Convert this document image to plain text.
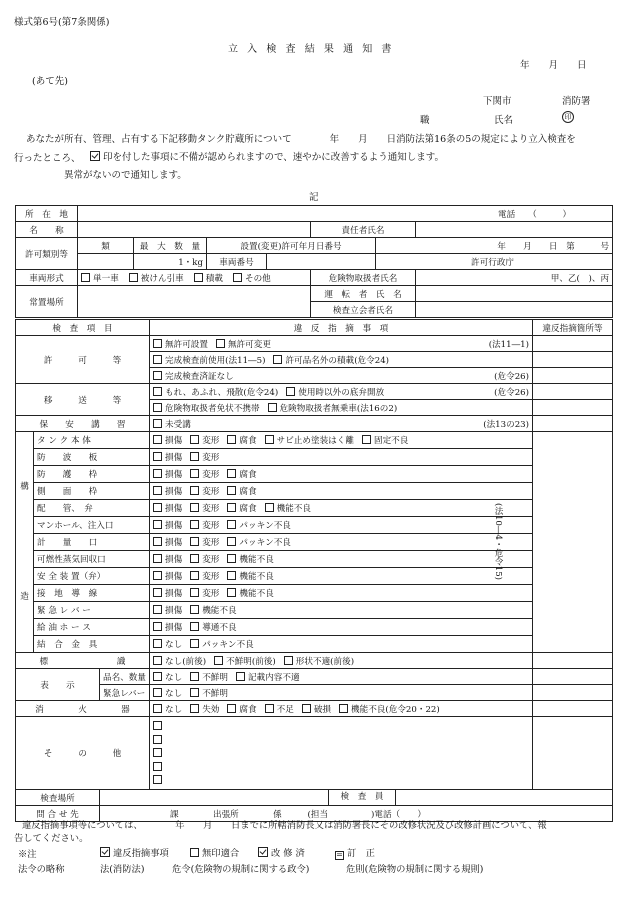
様式第6号(第7条関係)
立 入 検 査 結 果 通 知 書
年　　月　　日
(あて先)
下関市	消防署
職	氏名	印
あなたが所有、管理、占有する下記移動タンク貯蔵所について　　　　年　　月　　日消防法第16条の5の規定により立入検査を
行ったところ、	印を付した事項に不備が認められますので、速やかに改善するよう通知します。
異常がないので通知します。
記
所　在　地	電話　　（　　　）						
名　　称					責任者氏名		
許可類別等	類	最　大　数　量	設置(変更)許可年月日番号			年　　月　　日　第　　　号	
		1・kg	車両番号			許可行政庁	
車両形式	単一車 被けん引車 積載 その他				危険物取扱者氏名		甲、乙(　)、丙
常置場所					運　転　者　氏　名		
					検査立会者氏名		
検　査　項　目			違　反　指　摘　事　項	違反指摘箇所等
許　　　可　　　等			無許可設置 無許可変更 (法11―1)	

			完成検査前使用(法11―5) 許可品名外の積載(危令24)	
			完成検査済証なし (危令26)	

移　　　送　　　等			もれ、あふれ、飛散(危令24) 使用時以外の底弁開放 (危令26)	

			危険物取扱者免状不携帯 危険物取扱者無乗車(法16の2)	
保　　安　　講　　習			未受講 (法13の23)	

構
造	タ ン ク 本 体		損傷 変形 腐食 サビ止め塗装はく離 固定不良	(法10―4・危令15)

	防　　波　　板		損傷 変形	
	防　　護　　枠		損傷 変形 腐食	
	側　　面　　枠		損傷 変形 腐食	
	配　　管、　弁		損傷 変形 腐食 機能不良	
	マンホール、注入口		損傷 変形 パッキン不良	
	計　　量　　口		損傷 変形 パッキン不良	
	可燃性蒸気回収口		損傷 変形 機能不良	
	安 全 装 置（弁）		損傷 変形 機能不良	
	接　地　導　線		損傷 変形 機能不良	
	緊 急 レ バ ー		損傷 機能不良	
	給 油 ホ ー ス		損傷 導通不良	
	結　合　金　具		なし パッキン不良	
標　　　　　　　　識			なし(前後) 不鮮明(前後) 形状不適(前後)	
表　　示		品名、数量	なし 不鮮明 記載内容不適	
		緊急レバー	なし 不鮮明	
消　　　　火　　　　器			なし 失効 腐食 不足 破損 機能不良(危令20・22)	
そ　　　の　　　他			

検査場所		検　査　員		

問 合 せ 先		課　　　　出張所　　　　係　　　(担当　　　　　)電話（　　）		
違反指摘事項等については、　　　　年　　月　　日までに所轄消防長又は消防署長にその改修状況及び改修計画について、報
告してください。
※注	違反指摘事項	無印適合	改 修 済	= 訂　正
法令の略称	法(消防法)	危令(危険物の規制に関する政令)	危則(危険物の規制に関する規則)
